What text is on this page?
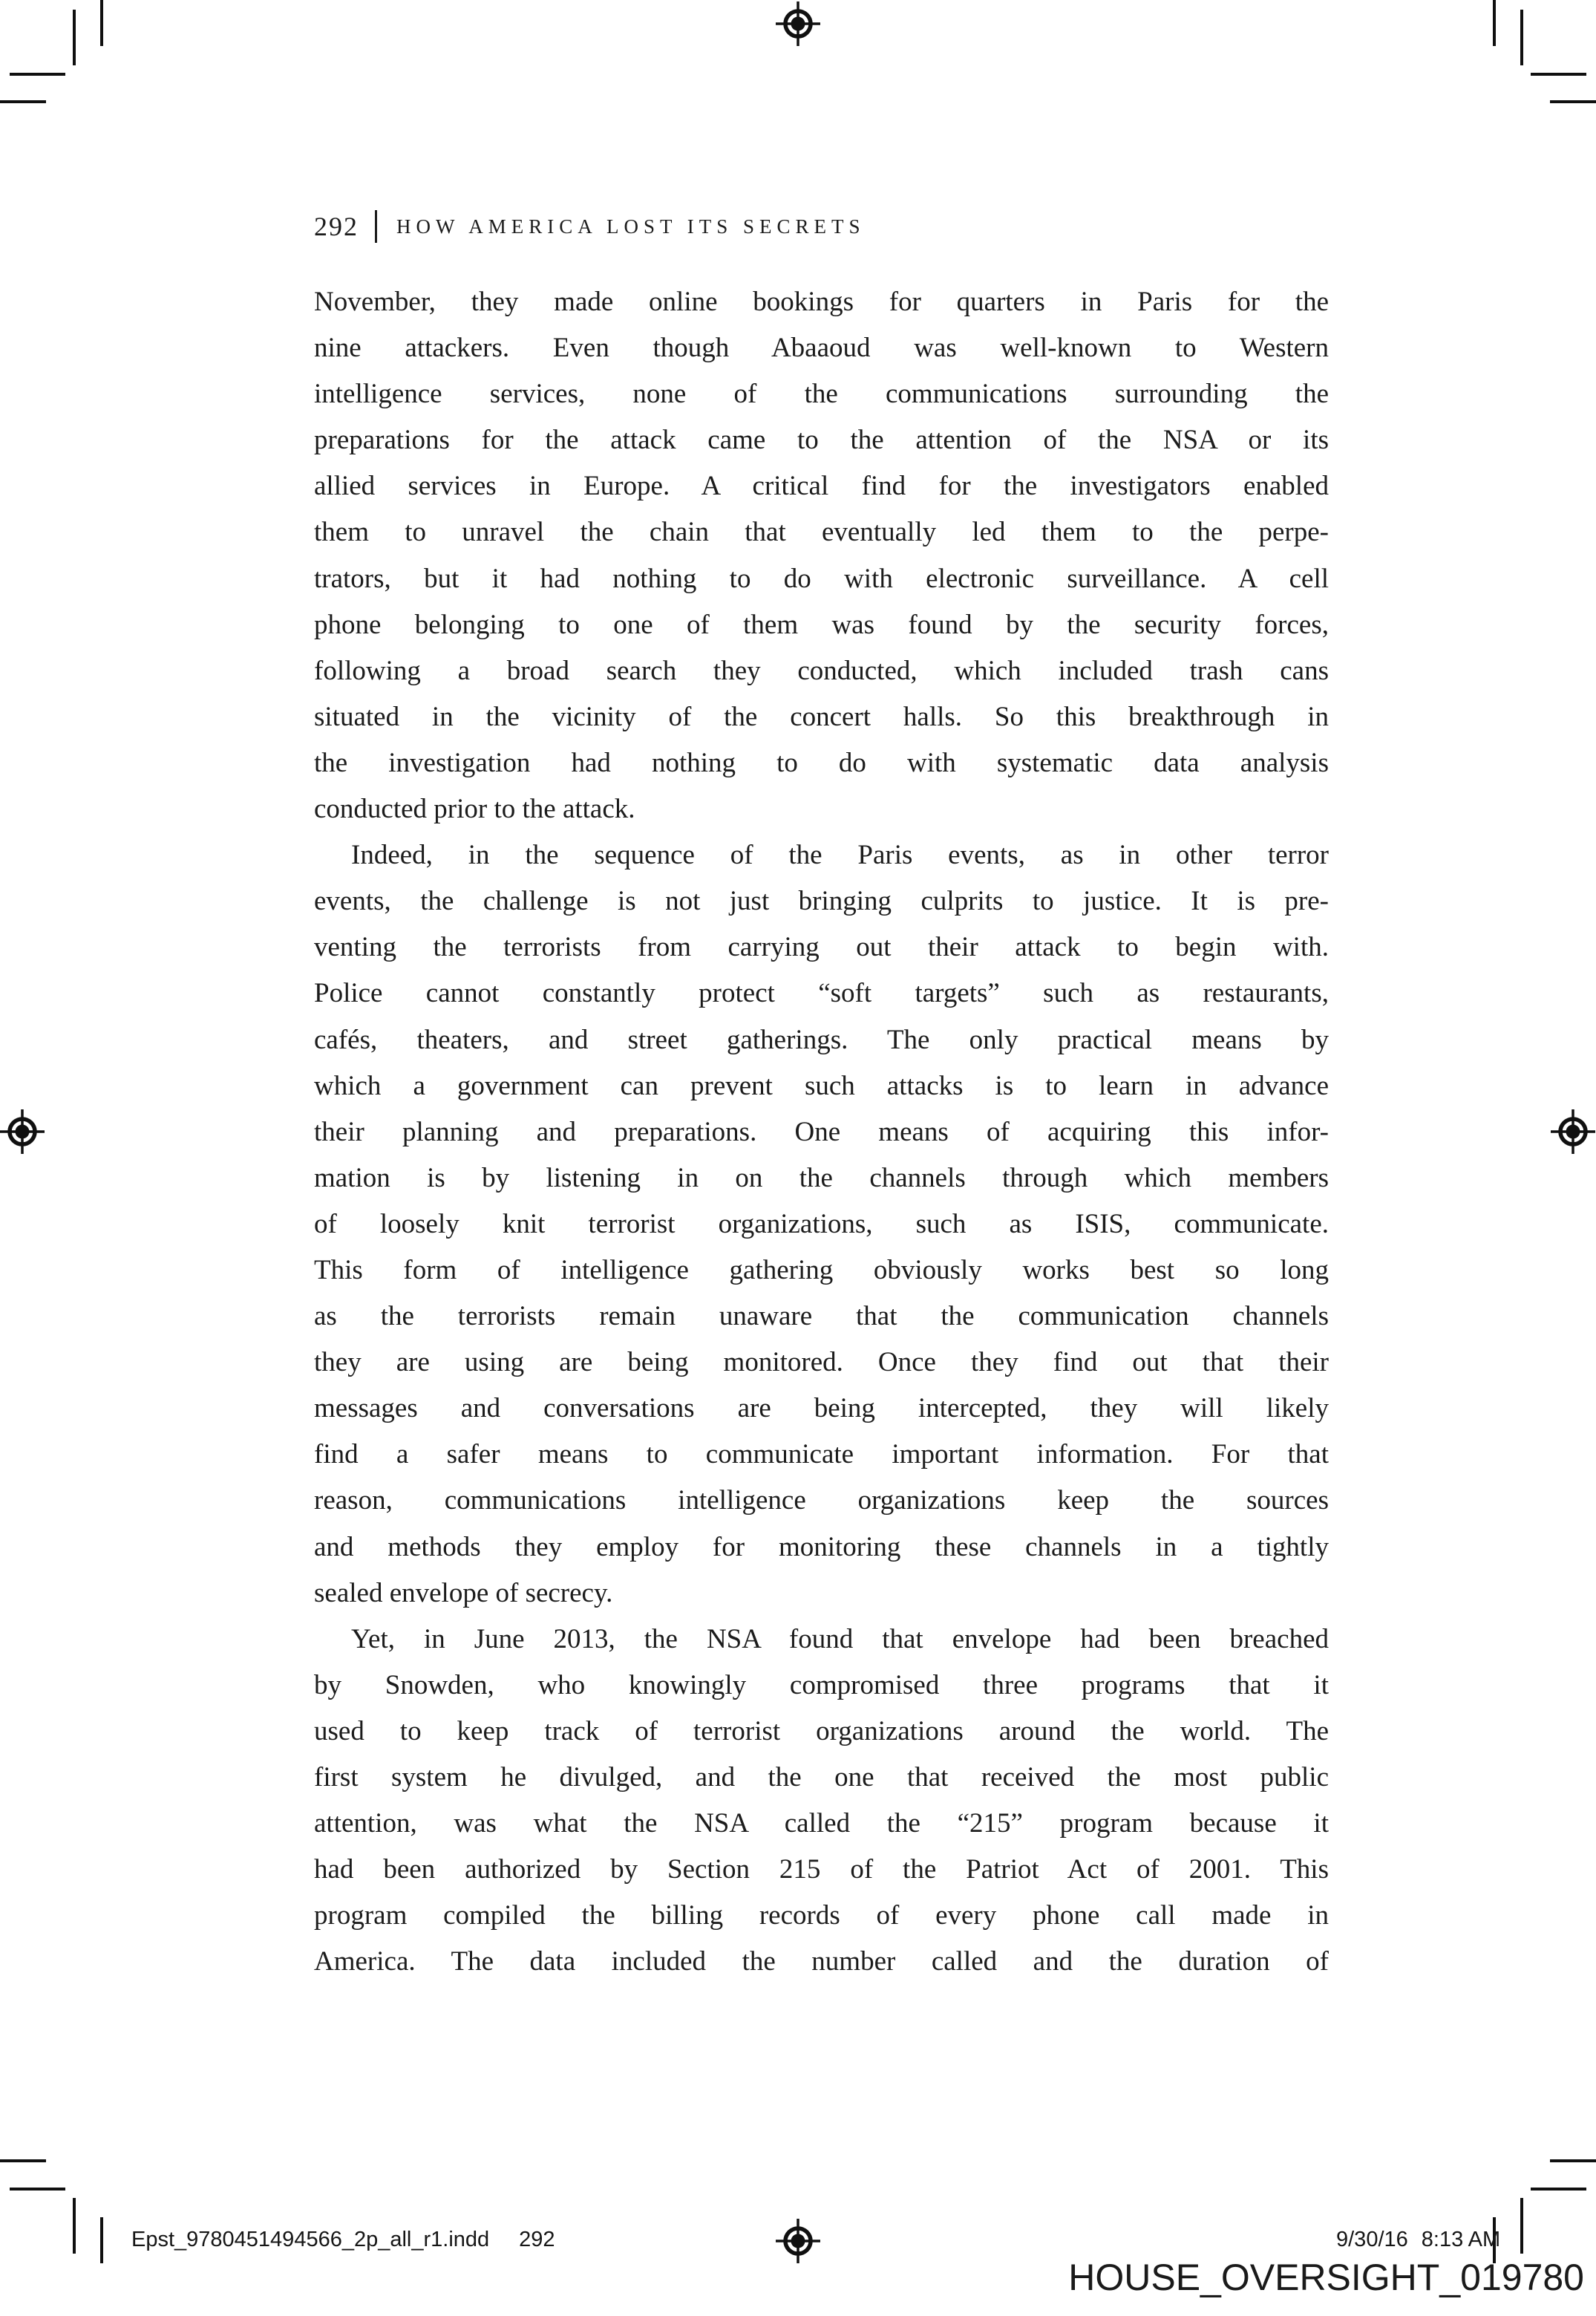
292 HOW AMERICA LOST ITS SECRETS
November, they made online bookings for quarters in Paris for the
nine attackers. Even though Abaaoud was well-known to Western
intelligence services, none of the communications surrounding the
preparations for the attack came to the attention of the NSA or its
allied services in Europe. A critical find for the investigators enabled
them to unravel the chain that eventually led them to the perpe-
trators, but it had nothing to do with electronic surveillance. A cell
phone belonging to one of them was found by the security forces,
following a broad search they conducted, which included trash cans
situated in the vicinity of the concert halls. So this breakthrough in
the investigation had nothing to do with systematic data analysis
conducted prior to the attack.
Indeed, in the sequence of the Paris events, as in other terror
events, the challenge is not just bringing culprits to justice. It is pre-
venting the terrorists from carrying out their attack to begin with.
Police cannot constantly protect “soft targets” such as restaurants,
cafés, theaters, and street gatherings. The only practical means by
which a government can prevent such attacks is to learn in advance
their planning and preparations. One means of acquiring this infor-
mation is by listening in on the channels through which members
of loosely knit terrorist organizations, such as ISIS, communicate.
This form of intelligence gathering obviously works best so long
as the terrorists remain unaware that the communication channels
they are using are being monitored. Once they find out that their
messages and conversations are being intercepted, they will likely
find a safer means to communicate important information. For that
reason, communications intelligence organizations keep the sources
and methods they employ for monitoring these channels in a tightly
sealed envelope of secrecy.
Yet, in June 2013, the NSA found that envelope had been breached
by Snowden, who knowingly compromised three programs that it
used to keep track of terrorist organizations around the world. The
first system he divulged, and the one that received the most public
attention, was what the NSA called the “215” program because it
had been authorized by Section 215 of the Patriot Act of 2001. This
program compiled the billing records of every phone call made in
America. The data included the number called and the duration of
Epst_9780451494566_2p_all_r1.indd 292	9/30/16 8:13 AM
HOUSE_OVERSIGHT_019780
